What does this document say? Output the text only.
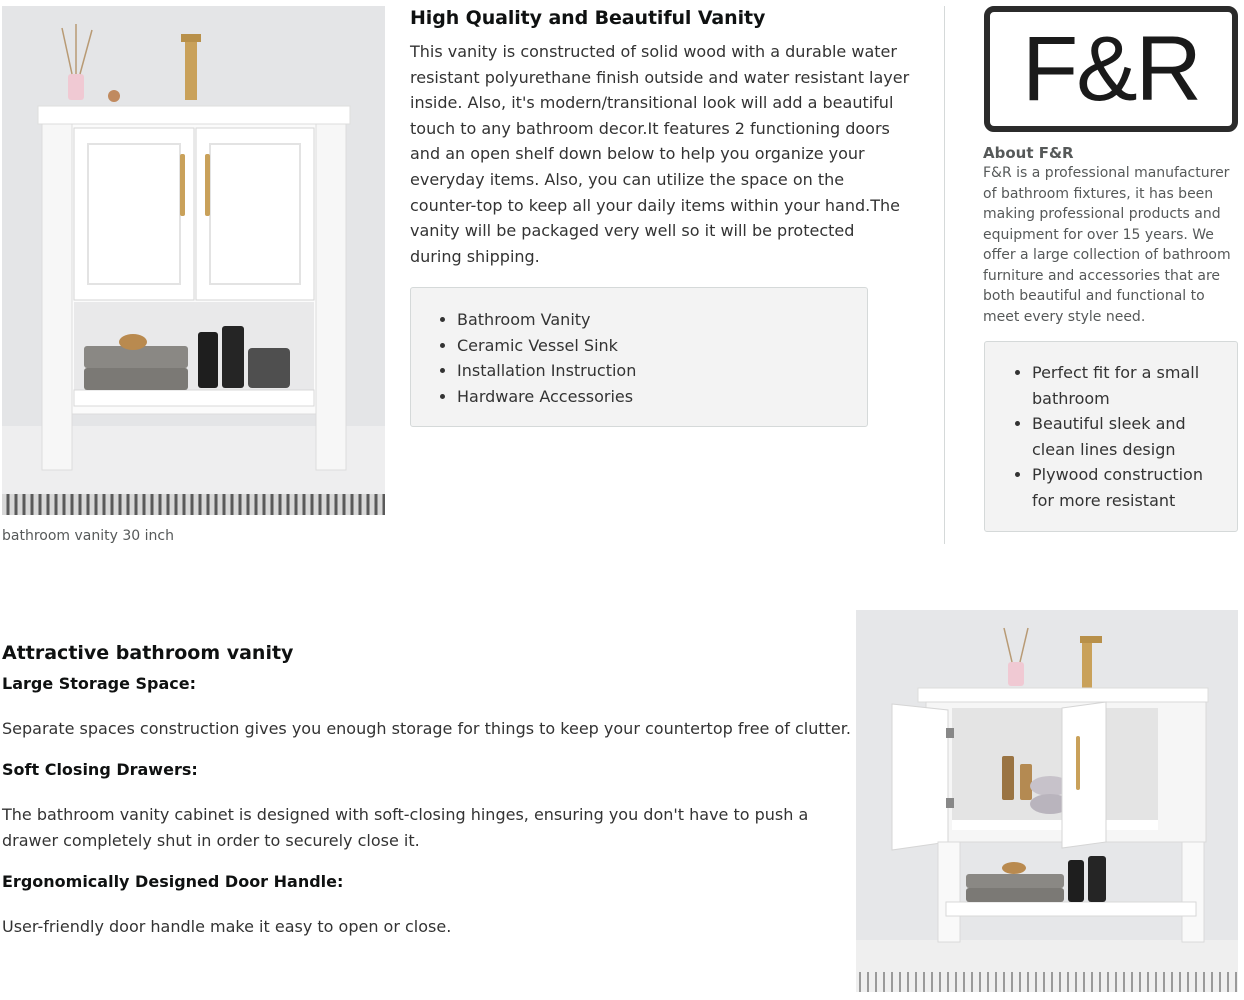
bathroom vanity 30 inch
High Quality and Beautiful Vanity

This vanity is constructed of solid wood with a durable water resistant polyurethane finish outside and water resistant layer inside. Also, it's modern/transitional look will add a beautiful touch to any bathroom decor.It features 2 functioning doors and an open shelf down below to help you organize your everyday items. Also, you can utilize the space on the counter-top to keep all your daily items within your hand.The vanity will be packaged very well so it will be protected during shipping.

• Bathroom Vanity
• Ceramic Vessel Sink
• Installation Instruction
• Hardware Accessories
F&R
About F&R

F&R is a professional manufacturer of bathroom fixtures, it has been making professional products and equipment for over 15 years. We offer a large collection of bathroom furniture and accessories that are both beautiful and functional to meet every style need.

• Perfect fit for a small bathroom
• Beautiful sleek and clean lines design
• Plywood construction for more resistant
Attractive bathroom vanity
Large Storage Space:

Separate spaces construction gives you enough storage for things to keep your countertop free of clutter.

Soft Closing Drawers:

The bathroom vanity cabinet is designed with soft-closing hinges, ensuring you don't have to push a drawer completely shut in order to securely close it.

Ergonomically Designed Door Handle:

User-friendly door handle make it easy to open or close.
